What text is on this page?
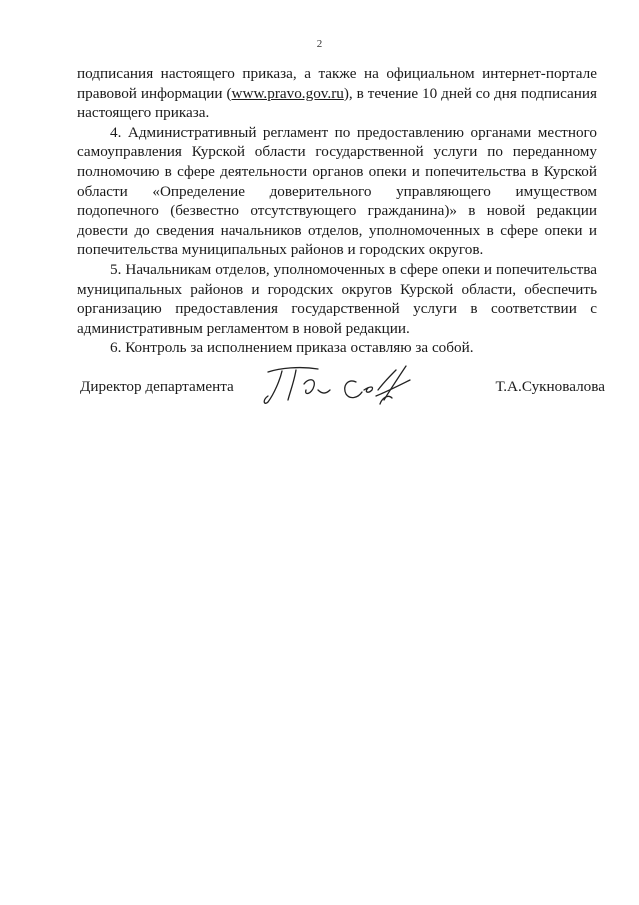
2

подписания настоящего приказа, а также на официальном интернет-портале правовой информации (www.pravo.gov.ru), в течение 10 дней со дня подписания настоящего приказа.

4. Административный регламент по предоставлению органами местного самоуправления Курской области государственной услуги по переданному полномочию в сфере деятельности органов опеки и попечительства в Курской области «Определение доверительного управляющего имуществом подопечного (безвестно отсутствующего гражданина)» в новой редакции довести до сведения начальников отделов, уполномоченных в сфере опеки и попечительства муниципальных районов и городских округов.

5. Начальникам отделов, уполномоченных в сфере опеки и попечительства муниципальных районов и городских округов Курской области, обеспечить организацию предоставления государственной услуги в соответствии с административным регламентом в новой редакции.

6. Контроль за исполнением приказа оставляю за собой.

Директор департамента	Т.А.Сукновалова
